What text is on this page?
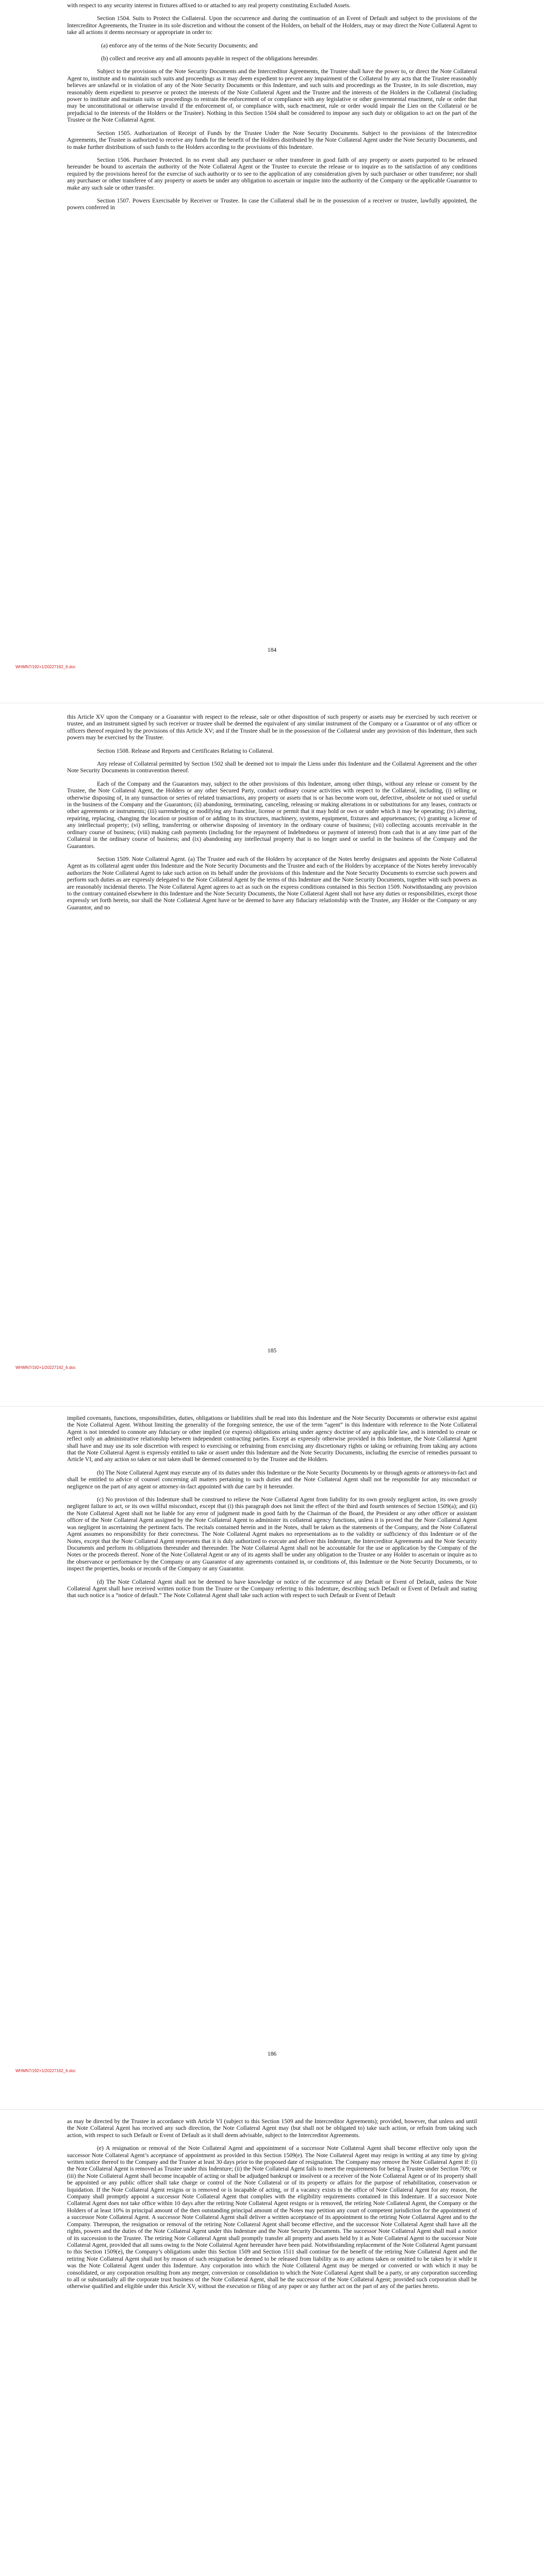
with respect to any security interest in fixtures affixed to or attached to any real property constituting Excluded Assets.

Section 1504. Suits to Protect the Collateral. Upon the occurrence and during the continuation of an Event of Default and subject to the provisions of the Intercreditor Agreements, the Trustee in its sole discretion and without the consent of the Holders, on behalf of the Holders, may or may direct the Note Collateral Agent to take all actions it deems necessary or appropriate in order to:

(a) enforce any of the terms of the Note Security Documents; and

(b) collect and receive any and all amounts payable in respect of the obligations hereunder.

Subject to the provisions of the Note Security Documents and the Intercreditor Agreements, the Trustee shall have the power to, or direct the Note Collateral Agent to, institute and to maintain such suits and proceedings as it may deem expedient to prevent any impairment of the Collateral by any acts that the Trustee reasonably believes are unlawful or in violation of any of the Note Security Documents or this Indenture, and such suits and proceedings as the Trustee, in its sole discretion, may reasonably deem expedient to preserve or protect the interests of the Note Collateral Agent and the Trustee and the interests of the Holders in the Collateral (including power to institute and maintain suits or proceedings to restrain the enforcement of or compliance with any legislative or other governmental enactment, rule or order that may be unconstitutional or otherwise invalid if the enforcement of, or compliance with, such enactment, rule or order would impair the Lien on the Collateral or be prejudicial to the interests of the Holders or the Trustee). Nothing in this Section 1504 shall be considered to impose any such duty or obligation to act on the part of the Trustee or the Note Collateral Agent.

Section 1505. Authorization of Receipt of Funds by the Trustee Under the Note Security Documents. Subject to the provisions of the Intercreditor Agreements, the Trustee is authorized to receive any funds for the benefit of the Holders distributed by the Note Collateral Agent under the Note Security Documents, and to make further distributions of such funds to the Holders according to the provisions of this Indenture.

Section 1506. Purchaser Protected. In no event shall any purchaser or other transferee in good faith of any property or assets purported to be released hereunder be bound to ascertain the authority of the Note Collateral Agent or the Trustee to execute the release or to inquire as to the satisfaction of any conditions required by the provisions hereof for the exercise of such authority or to see to the application of any consideration given by such purchaser or other transferee; nor shall any purchaser or other transferee of any property or assets be under any obligation to ascertain or inquire into the authority of the Company or the applicable Guarantor to make any such sale or other transfer.

Section 1507. Powers Exercisable by Receiver or Trustee. In case the Collateral shall be in the possession of a receiver or trustee, lawfully appointed, the powers conferred in

184
WHMN7/192+1/20227162_6.doc

this Article XV upon the Company or a Guarantor with respect to the release, sale or other disposition of such property or assets may be exercised by such receiver or trustee, and an instrument signed by such receiver or trustee shall be deemed the equivalent of any similar instrument of the Company or a Guarantor or of any officer or officers thereof required by the provisions of this Article XV; and if the Trustee shall be in the possession of the Collateral under any provision of this Indenture, then such powers may be exercised by the Trustee.

Section 1508. Release and Reports and Certificates Relating to Collateral.

Any release of Collateral permitted by Section 1502 shall be deemed not to impair the Liens under this Indenture and the Collateral Agreement and the other Note Security Documents in contravention thereof.

Each of the Company and the Guarantors may, subject to the other provisions of this Indenture, among other things, without any release or consent by the Trustee, the Note Collateral Agent, the Holders or any other Secured Party, conduct ordinary course activities with respect to the Collateral, including, (i) selling or otherwise disposing of, in any transaction or series of related transactions, any property or assets that is or has become worn out, defective, obsolete or not used or useful in the business of the Company and the Guarantors; (ii) abandoning, terminating, canceling, releasing or making alterations in or substitutions for any leases, contracts or other agreements or instruments; (iii) surrendering or modifying any franchise, license or permit that it may hold or own or under which it may be operating; (iv) altering, repairing, replacing, changing the location or position of or adding to its structures, machinery, systems, equipment, fixtures and appurtenances; (v) granting a license of any intellectual property; (vi) selling, transferring or otherwise disposing of inventory in the ordinary course of business; (vii) collecting accounts receivable in the ordinary course of business; (viii) making cash payments (including for the repayment of Indebtedness or payment of interest) from cash that is at any time part of the Collateral in the ordinary course of business; and (ix) abandoning any intellectual property that is no longer used or useful in the business of the Company and the Guarantors.

Section 1509. Note Collateral Agent. (a) The Trustee and each of the Holders by acceptance of the Notes hereby designates and appoints the Note Collateral Agent as its collateral agent under this Indenture and the Note Security Documents and the Trustee and each of the Holders by acceptance of the Notes hereby irrevocably authorizes the Note Collateral Agent to take such action on its behalf under the provisions of this Indenture and the Note Security Documents to exercise such powers and perform such duties as are expressly delegated to the Note Collateral Agent by the terms of this Indenture and the Note Security Documents, together with such powers as are reasonably incidental thereto. The Note Collateral Agent agrees to act as such on the express conditions contained in this Section 1509. Notwithstanding any provision to the contrary contained elsewhere in this Indenture and the Note Security Documents, the Note Collateral Agent shall not have any duties or responsibilities, except those expressly set forth herein, nor shall the Note Collateral Agent have or be deemed to have any fiduciary relationship with the Trustee, any Holder or the Company or any Guarantor, and no

185
WHMN7/192+1/20227162_6.doc

implied covenants, functions, responsibilities, duties, obligations or liabilities shall be read into this Indenture and the Note Security Documents or otherwise exist against the Note Collateral Agent. Without limiting the generality of the foregoing sentence, the use of the term “agent” in this Indenture with reference to the Note Collateral Agent is not intended to connote any fiduciary or other implied (or express) obligations arising under agency doctrine of any applicable law, and is intended to create or reflect only an administrative relationship between independent contracting parties. Except as expressly otherwise provided in this Indenture, the Note Collateral Agent shall have and may use its sole discretion with respect to exercising or refraining from exercising any discretionary rights or taking or refraining from taking any actions that the Note Collateral Agent is expressly entitled to take or assert under this Indenture and the Note Security Documents, including the exercise of remedies pursuant to Article VI, and any action so taken or not taken shall be deemed consented to by the Trustee and the Holders.

(b) The Note Collateral Agent may execute any of its duties under this Indenture or the Note Security Documents by or through agents or attorneys-in-fact and shall be entitled to advice of counsel concerning all matters pertaining to such duties and the Note Collateral Agent shall not be responsible for any misconduct or negligence on the part of any agent or attorney-in-fact appointed with due care by it hereunder.

(c) No provision of this Indenture shall be construed to relieve the Note Collateral Agent from liability for its own grossly negligent action, its own grossly negligent failure to act, or its own willful misconduct, except that (i) this paragraph does not limit the effect of the third and fourth sentences of Section 1509(a); and (ii) the Note Collateral Agent shall not be liable for any error of judgment made in good faith by the Chairman of the Board, the President or any other officer or assistant officer of the Note Collateral Agent assigned by the Note Collateral Agent to administer its collateral agency functions, unless it is proved that the Note Collateral Agent was negligent in ascertaining the pertinent facts. The recitals contained herein and in the Notes, shall be taken as the statements of the Company, and the Note Collateral Agent assumes no responsibility for their correctness. The Note Collateral Agent makes no representations as to the validity or sufficiency of this Indenture or of the Notes, except that the Note Collateral Agent represents that it is duly authorized to execute and deliver this Indenture, the Intercreditor Agreements and the Note Security Documents and perform its obligations thereunder and thereunder. The Note Collateral Agent shall not be accountable for the use or application by the Company of the Notes or the proceeds thereof. None of the Note Collateral Agent or any of its agents shall be under any obligation to the Trustee or any Holder to ascertain or inquire as to the observance or performance by the Company or any Guarantor of any agreements contained in, or conditions of, this Indenture or the Note Security Documents, or to inspect the properties, books or records of the Company or any Guarantor.

(d) The Note Collateral Agent shall not be deemed to have knowledge or notice of the occurrence of any Default or Event of Default, unless the Note Collateral Agent shall have received written notice from the Trustee or the Company referring to this Indenture, describing such Default or Event of Default and stating that such notice is a “notice of default.” The Note Collateral Agent shall take such action with respect to such Default or Event of Default

186
WHMN7/192+1/20227162_6.doc

as may be directed by the Trustee in accordance with Article VI (subject to this Section 1509 and the Intercreditor Agreements); provided, however, that unless and until the Note Collateral Agent has received any such direction, the Note Collateral Agent may (but shall not be obligated to) take such action, or refrain from taking such action, with respect to such Default or Event of Default as it shall deem advisable, subject to the Intercreditor Agreements.

(e) A resignation or removal of the Note Collateral Agent and appointment of a successor Note Collateral Agent shall become effective only upon the successor Note Collateral Agent’s acceptance of appointment as provided in this Section 1509(e). The Note Collateral Agent may resign in writing at any time by giving written notice thereof to the Company and the Trustee at least 30 days prior to the proposed date of resignation. The Company may remove the Note Collateral Agent if: (i) the Note Collateral Agent is removed as Trustee under this Indenture; (ii) the Note Collateral Agent fails to meet the requirements for being a Trustee under Section 709; or (iii) the Note Collateral Agent shall become incapable of acting or shall be adjudged bankrupt or insolvent or a receiver of the Note Collateral Agent or of its property shall be appointed or any public officer shall take charge or control of the Note Collateral or of its property or affairs for the purpose of rehabilitation, conservation or liquidation. If the Note Collateral Agent resigns or is removed or is incapable of acting, or if a vacancy exists in the office of Note Collateral Agent for any reason, the Company shall promptly appoint a successor Note Collateral Agent that complies with the eligibility requirements contained in this Indenture. If a successor Note Collateral Agent does not take office within 10 days after the retiring Note Collateral Agent resigns or is removed, the retiring Note Collateral Agent, the Company or the Holders of at least 10% in principal amount of the then outstanding principal amount of the Notes may petition any court of competent jurisdiction for the appointment of a successor Note Collateral Agent. A successor Note Collateral Agent shall deliver a written acceptance of its appointment to the retiring Note Collateral Agent and to the Company. Thereupon, the resignation or removal of the retiring Note Collateral Agent shall become effective, and the successor Note Collateral Agent shall have all the rights, powers and the duties of the Note Collateral Agent under this Indenture and the Note Security Documents. The successor Note Collateral Agent shall mail a notice of its succession to the Trustee. The retiring Note Collateral Agent shall promptly transfer all property and assets held by it as Note Collateral Agent to the successor Note Collateral Agent, provided that all sums owing to the Note Collateral Agent hereunder have been paid. Notwithstanding replacement of the Note Collateral Agent pursuant to this Section 1509(e), the Company’s obligations under this Section 1509 and Section 1511 shall continue for the benefit of the retiring Note Collateral Agent and the retiring Note Collateral Agent shall not by reason of such resignation be deemed to be released from liability as to any actions taken or omitted to be taken by it while it was the Note Collateral Agent under this Indenture. Any corporation into which the Note Collateral Agent may be merged or converted or with which it may be consolidated, or any corporation resulting from any merger, conversion or consolidation to which the Note Collateral Agent shall be a party, or any corporation succeeding to all or substantially all the corporate trust business of the Note Collateral Agent, shall be the successor of the Note Collateral Agent; provided such corporation shall be otherwise qualified and eligible under this Article XV, without the execution or filing of any paper or any further act on the part of any of the parties hereto.
